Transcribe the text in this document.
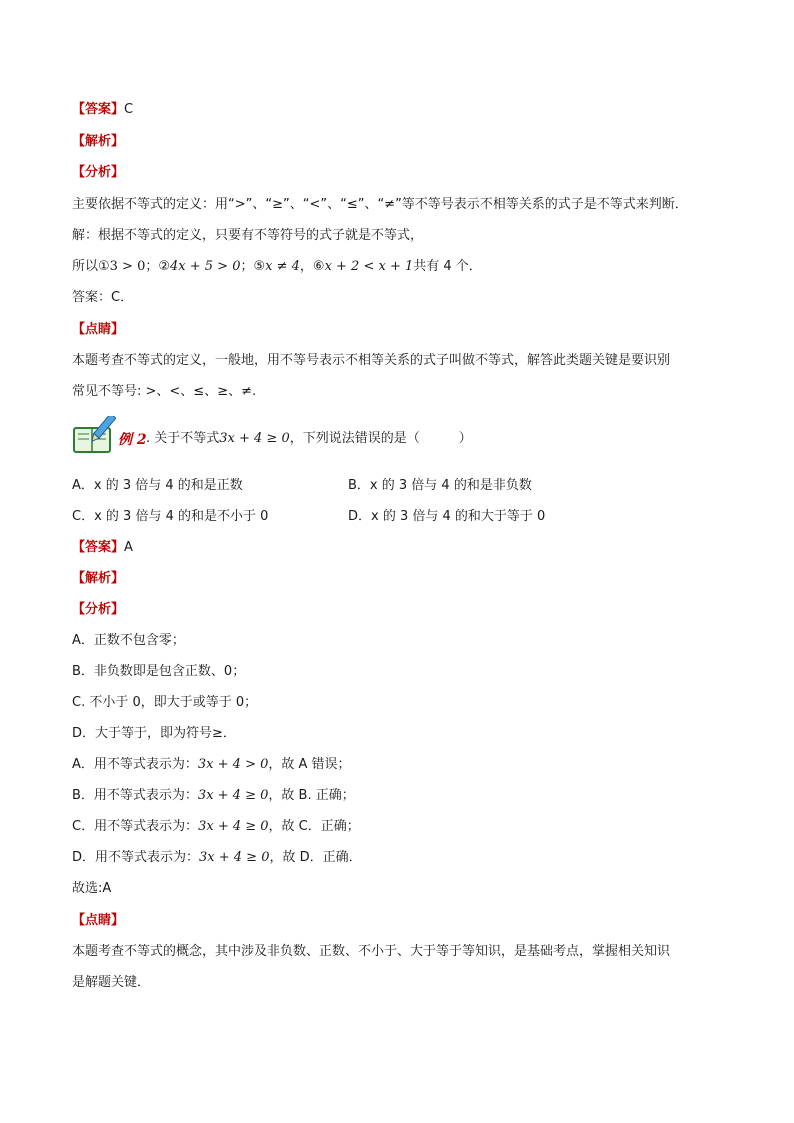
【答案】C
【解析】
【分析】
主要依据不等式的定义：用“>”、“≥”、“<”、“≤”、“≠”等不等号表示不相等关系的式子是不等式来判断．
解：根据不等式的定义，只要有不等符号的式子就是不等式，
所以①3 > 0；②4x + 5 > 0；⑤x ≠ 4，⑥x + 2 < x + 1共有 4 个．
答案：C．
【点睛】
本题考查不等式的定义，一般地，用不等号表示不相等关系的式子叫做不等式，解答此类题关键是要识别
常见不等号: >、<、≤、≥、≠.
例 2 . 关于不等式3x + 4 ≥ 0，下列说法错误的是（　　　）
A．x 的 3 倍与 4 的和是正数	B．x 的 3 倍与 4 的和是非负数
C．x 的 3 倍与 4 的和是不小于 0	D．x 的 3 倍与 4 的和大于等于 0
【答案】A
【解析】
【分析】
A．正数不包含零；
B．非负数即是包含正数、0；
C. 不小于 0，即大于或等于 0；
D．大于等于，即为符号≥．
A．用不等式表示为：3x + 4 > 0，故 A 错误；
B．用不等式表示为：3x + 4 ≥ 0，故 B. 正确；
C．用不等式表示为：3x + 4 ≥ 0，故 C．正确；
D．用不等式表示为：3x + 4 ≥ 0，故 D．正确．
故选:A
【点睛】
本题考查不等式的概念，其中涉及非负数、正数、不小于、大于等于等知识，是基础考点，掌握相关知识
是解题关键．
